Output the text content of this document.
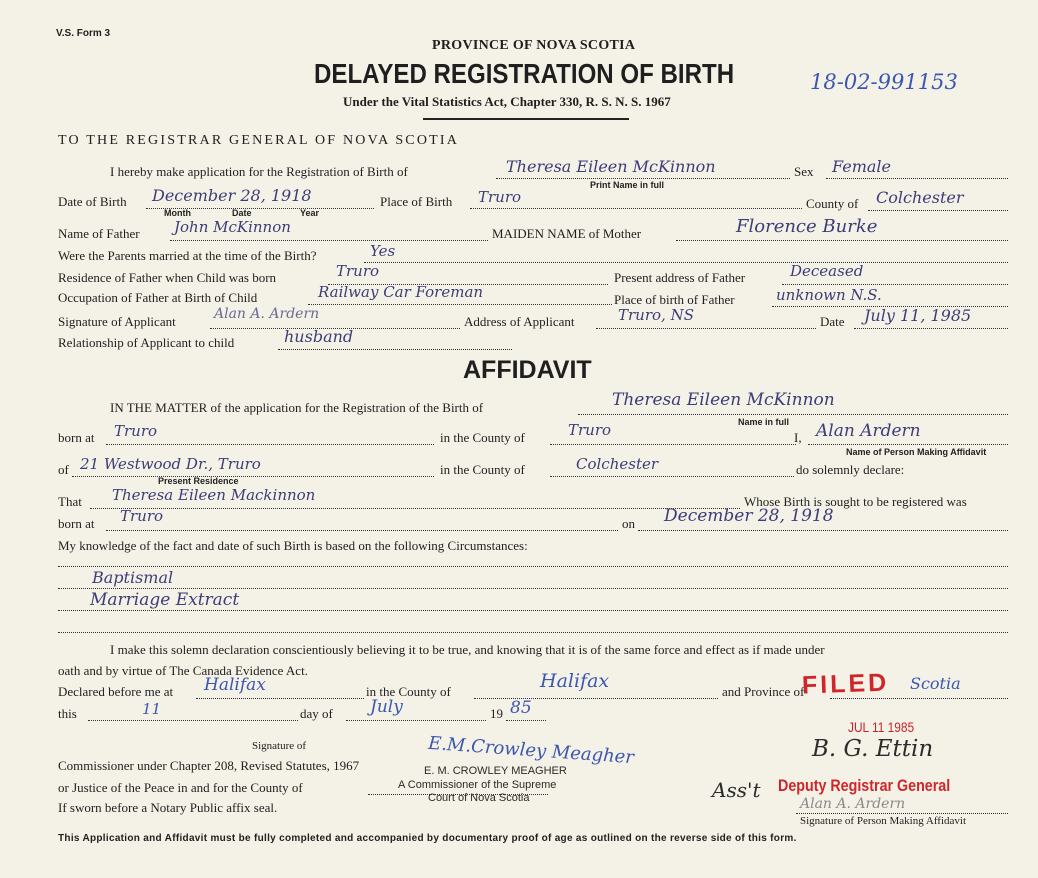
V.S. Form 3
PROVINCE OF NOVA SCOTIA
DELAYED REGISTRATION OF BIRTH	18-02-991153
Under the Vital Statistics Act, Chapter 330, R. S. N. S. 1967
TO THE REGISTRAR GENERAL OF NOVA SCOTIA
I hereby make application for the Registration of Birth of	Theresa Eileen McKinnon
Print Name in full
Sex Female
Date of Birth December 28, 1918
Month	Date	Year
Place of Birth Truro	County of Colchester
Name of Father John McKinnon	MAIDEN NAME of Mother	Florence Burke
Were the Parents married at the time of the Birth?	Yes
Residence of Father when Child was born	Truro	Present address of Father	Deceased
Occupation of Father at Birth of Child	Railway Car Foreman	Place of birth of Father	unknown N.S.
Signature of Applicant	Alan A. Ardern	Address of Applicant	Truro, NS	Date July 11, 1985
Relationship of Applicant to child	husband
AFFIDAVIT
IN THE MATTER of the application for the Registration of the Birth of	Theresa Eileen McKinnon
Name in full
born at Truro	in the County of	Truro	I, Alan Ardern
Name of Person Making Affidavit
of 21 Westwood Dr., Truro
Present Residence
in the County of	Colchester	do solemnly declare:
That Theresa Eileen Mackinnon	Whose Birth is sought to be registered was
born at Truro	on December 28, 1918
My knowledge of the fact and date of such Birth is based on the following Circumstances:
Baptismal
Marriage Extract
I make this solemn declaration conscientiously believing it to be true, and knowing that it is of the same force and effect as if made under
oath and by virtue of The Canada Evidence Act.
Declared before me at Halifax	in the County of	Halifax	and Province of	Scotia
FILED
this	11	day of July	19 85
Signature of
Commissioner under Chapter 208, Revised Statutes, 1967
or Justice of the Peace in and for the County of
If sworn before a Notary Public affix seal.
E.M.Crowley Meagher
E. M. CROWLEY MEAGHER
A Commissioner of the Supreme
Court of Nova Scotia
JUL 11 1985
B. G. Ettin
Ass't
Alan A. Ardern
Deputy Registrar General
Signature of Person Making Affidavit
This Application and Affidavit must be fully completed and accompanied by documentary proof of age as outlined on the reverse side of this form.
